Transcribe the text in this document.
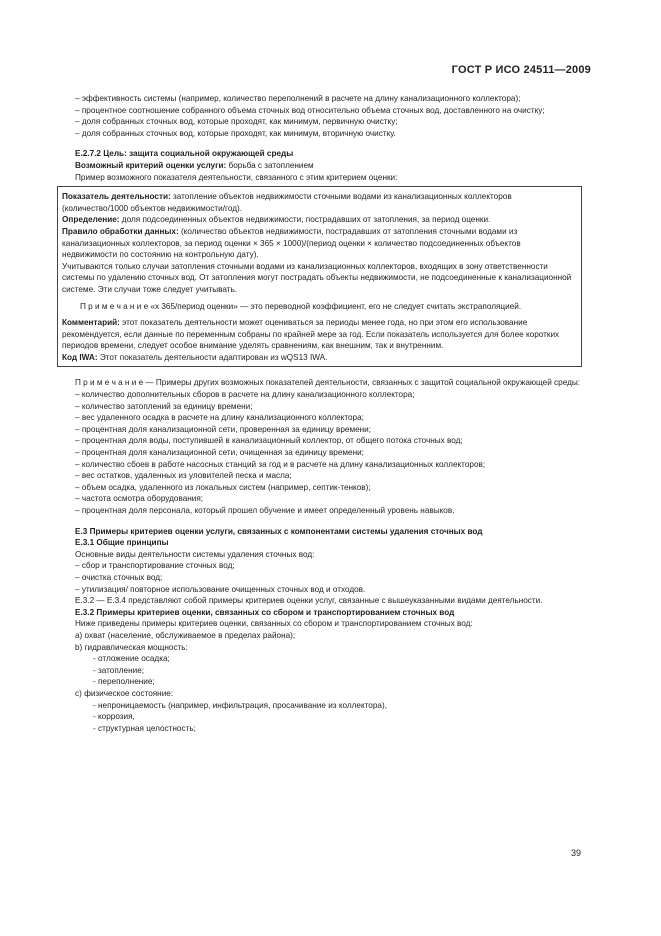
ГОСТ Р ИСО 24511—2009

– эффективность системы (например, количество переполнений в расчете на длину канализационного коллектора);

– процентное соотношение собранного объема сточных вод относительно объема сточных вод, доставленного на очистку;

– доля собранных сточных вод, которые проходят, как минимум, первичную очистку;

– доля собранных сточных вод, которые проходят, как минимум, вторичную очистку.

Е.2.7.2 Цель: защита социальной окружающей среды

Возможный критерий оценки услуги: борьба с затоплением

Пример возможного показателя деятельности, связанного с этим критерием оценки:

Показатель деятельности: затопление объектов недвижимости сточными водами из канализационных коллекторов (количество/1000 объектов недвижимости/год).

Определение: доля подсоединенных объектов недвижимости, пострадавших от затопления, за период оценки.

Правило обработки данных: (количество объектов недвижимости, пострадавших от затопления сточными водами из канализационных коллекторов, за период оценки × 365 × 1000)/(период оценки × количество подсоединенных объектов недвижимости по состоянию на контрольную дату).

Учитываются только случаи затопления сточными водами из канализационных коллекторов, входящих в зону ответственности системы по удалению сточных вод. От затопления могут пострадать объекты недвижимости, не подсоединенные к канализационной системе. Эти случаи тоже следует учитывать.

П р и м е ч а н и е «х 365/период оценки» — это переводной коэффициент, его не следует считать экстраполяцией.

Комментарий: этот показатель деятельности может оцениваться за периоды менее года, но при этом его использование рекомендуется, если данные по переменным собраны по крайней мере за год. Если показатель используется для более коротких периодов времени, следует особое внимание уделять сравнениям, как внешним, так и внутренним.

Код IWA: Этот показатель деятельности адаптирован из wQS13 IWA.

П р и м е ч а н и е — Примеры других возможных показателей деятельности, связанных с защитой социальной окружающей среды:

– количество дополнительных сборов в расчете на длину канализационного коллектора;

– количество затоплений за единицу времени;

– вес удаленного осадка в расчете на длину канализационного коллектора;

– процентная доля канализационной сети, проверенная за единицу времени;

– процентная доля воды, поступившей в канализационный коллектор, от общего потока сточных вод;

– процентная доля канализационной сети, очищенная за единицу времени;

– количество сбоев в работе насосных станций за год и в расчете на длину канализационных коллекторов;

– вес остатков, удаленных из уловителей песка и масла;

– объем осадка, удаленного из локальных систем (например, септик-тенков);

– частота осмотра оборудования;

– процентная доля персонала, который прошел обучение и имеет определенный уровень навыков.

Е.3 Примеры критериев оценки услуги, связанных с компонентами системы удаления сточных вод

Е.3.1 Общие принципы

Основные виды деятельности системы удаления сточных вод:

– сбор и транспортирование сточных вод;

– очистка сточных вод;

– утилизация/ повторное использование очищенных сточных вод и отходов.

Е.3.2 — Е.3.4 представляют собой примеры критериев оценки услуг, связанные с вышеуказанными видами деятельности.

Е.3.2 Примеры критериев оценки, связанных со сбором и транспортированием сточных вод

Ниже приведены примеры критериев оценки, связанных со сбором и транспортированием сточных вод:

a) охват (население, обслуживаемое в пределах района);

b) гидравлическая мощность:

- отложение осадка;

- затопление;

- переполнение;

c) физическое состояние:

- непроницаемость (например, инфильтрация, просачивание из коллектора),

- коррозия,

- структурная целостность;

39
